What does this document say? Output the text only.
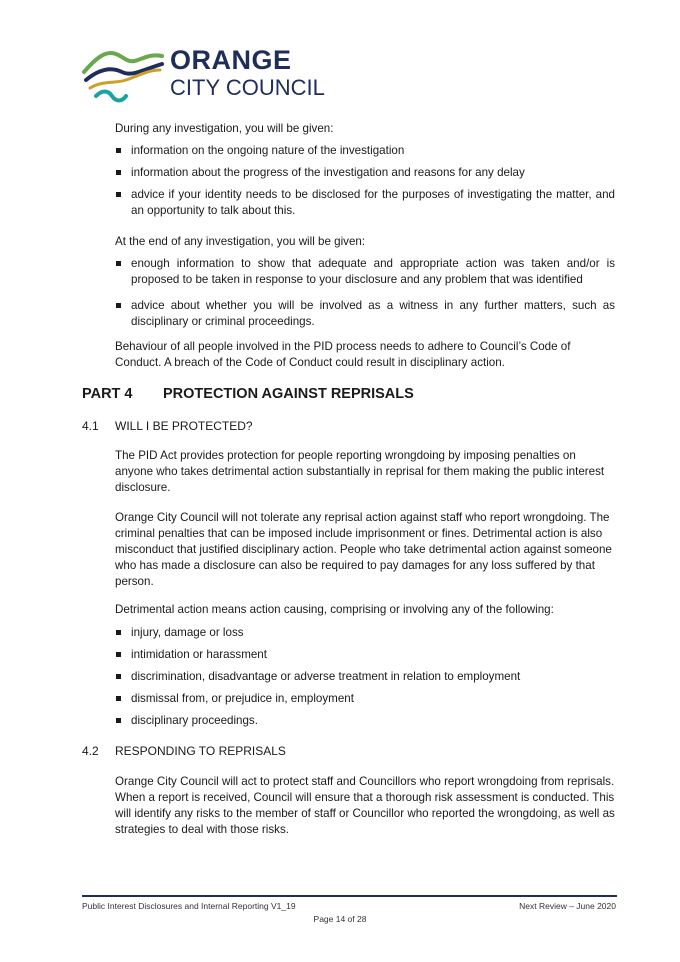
ORANGE
CITY COUNCIL

During any investigation, you will be given:

information on the ongoing nature of the investigation
information about the progress of the investigation and reasons for any delay
advice if your identity needs to be disclosed for the purposes of investigating the matter, and an opportunity to talk about this.

At the end of any investigation, you will be given:

enough information to show that adequate and appropriate action was taken and/or is proposed to be taken in response to your disclosure and any problem that was identified
advice about whether you will be involved as a witness in any further matters, such as disciplinary or criminal proceedings.

Behaviour of all people involved in the PID process needs to adhere to Council’s Code of Conduct. A breach of the Code of Conduct could result in disciplinary action.

PART 4 PROTECTION AGAINST REPRISALS
4.1 WILL I BE PROTECTED?

The PID Act provides protection for people reporting wrongdoing by imposing penalties on anyone who takes detrimental action substantially in reprisal for them making the public interest disclosure.

Orange City Council will not tolerate any reprisal action against staff who report wrongdoing. The criminal penalties that can be imposed include imprisonment or fines. Detrimental action is also misconduct that justified disciplinary action. People who take detrimental action against someone who has made a disclosure can also be required to pay damages for any loss suffered by that person.

Detrimental action means action causing, comprising or involving any of the following:

injury, damage or loss
intimidation or harassment
discrimination, disadvantage or adverse treatment in relation to employment
dismissal from, or prejudice in, employment
disciplinary proceedings.
4.2 RESPONDING TO REPRISALS

Orange City Council will act to protect staff and Councillors who report wrongdoing from reprisals. When a report is received, Council will ensure that a thorough risk assessment is conducted. This will identify any risks to the member of staff or Councillor who reported the wrongdoing, as well as strategies to deal with those risks.

Public Interest Disclosures and Internal Reporting V1_19	Next Review – June 2020
Page 14 of 28
